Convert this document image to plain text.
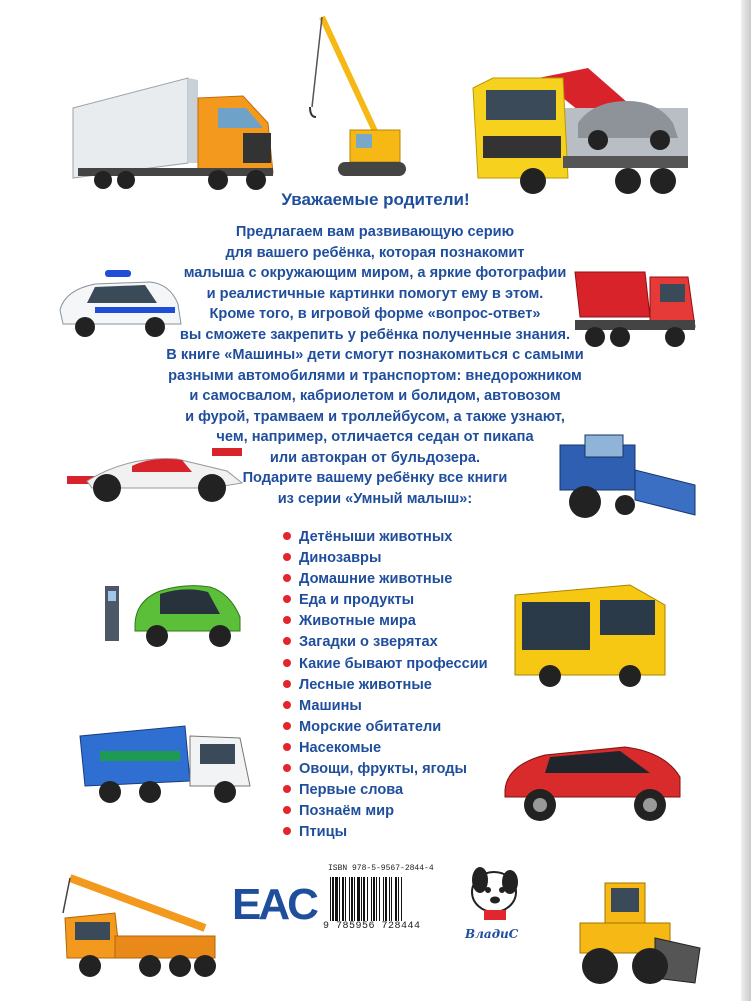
Уважаемые родители!

Предлагаем вам развивающую серию

для вашего ребёнка, которая познакомит

малыша с окружающим миром, а яркие фотографии

и реалистичные картинки помогут ему в этом.

Кроме того, в игровой форме «вопрос-ответ»

вы сможете закрепить у ребёнка полученные знания.

В книге «Машины» дети смогут познакомиться с самыми

разными автомобилями и транспортом: внедорожником

и самосвалом, кабриолетом и болидом, автовозом

и фурой, трамваем и троллейбусом, а также узнают,

чем, например, отличается седан от пикапа

или автокран от бульдозера.

Подарите вашему ребёнку все книги

из серии «Умный малыш»:

Детёныши животных
Динозавры
Домашние животные
Еда и продукты
Животные мира
Загадки о зверятах
Какие бывают профессии
Лесные животные
Машины
Морские обитатели
Насекомые
Овощи, фрукты, ягоды
Первые слова
Познаём мир
Птицы
EAC
ISBN 978-5-9567-2844-4
9 785956 728444
ВладиС
